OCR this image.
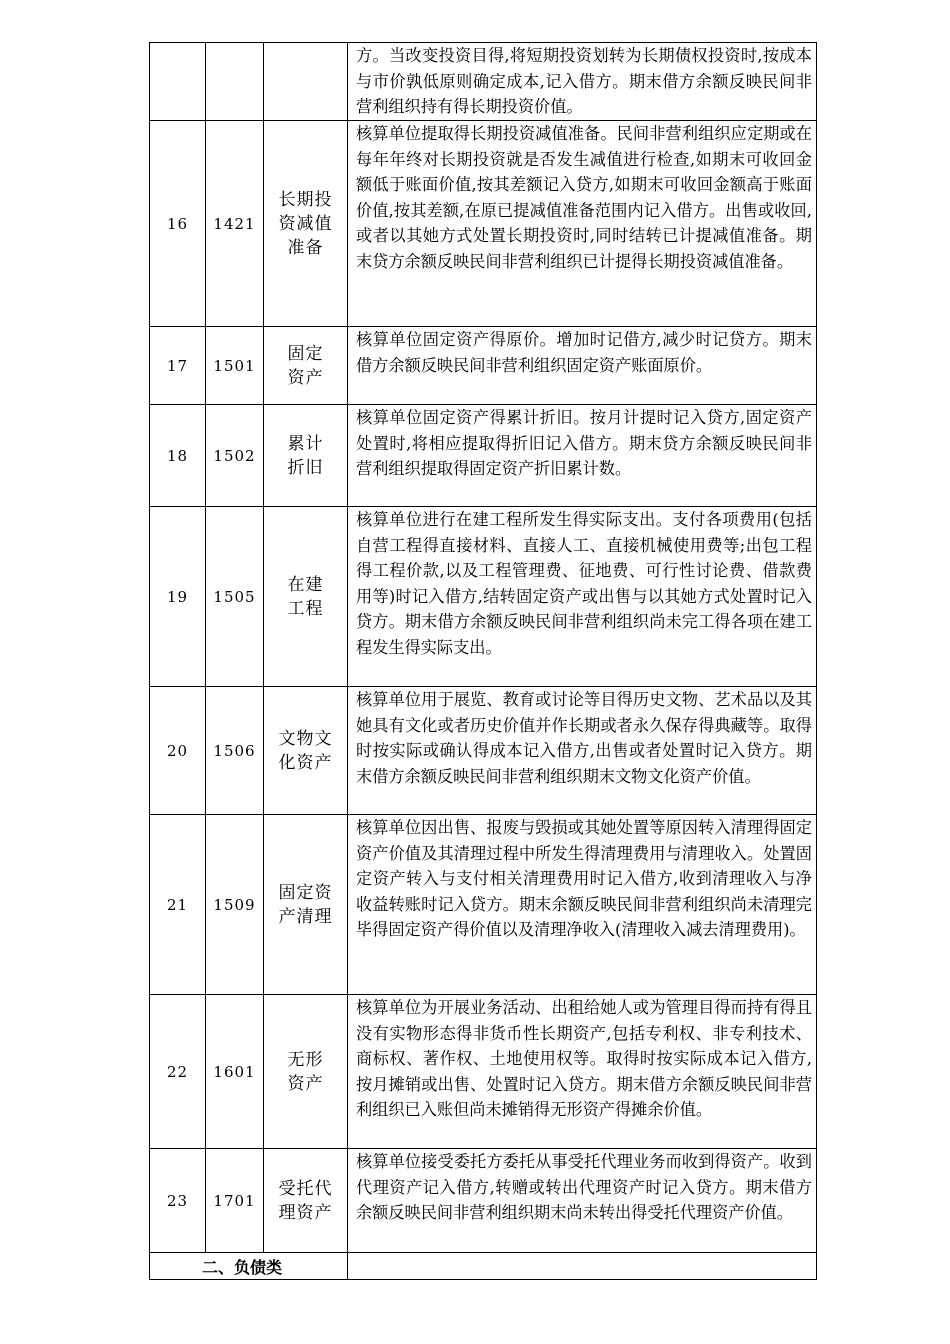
			方。当改变投资目得,将短期投资划转为长期债权投资时,按成本与市价孰低原则确定成本,记入借方。期末借方余额反映民间非营利组织持有得长期投资价值。
16	1421	长期投
资减值
准备	核算单位提取得长期投资减值准备。民间非营利组织应定期或在每年年终对长期投资就是否发生减值进行检查,如期末可收回金额低于账面价值,按其差额记入贷方,如期末可收回金额高于账面价值,按其差额,在原已提减值准备范围内记入借方。出售或收回,或者以其她方式处置长期投资时,同时结转已计提减值准备。期末贷方余额反映民间非营利组织已计提得长期投资减值准备。
17	1501	固定
资产	核算单位固定资产得原价。增加时记借方,减少时记贷方。期末借方余额反映民间非营利组织固定资产账面原价。
18	1502	累计
折旧	核算单位固定资产得累计折旧。按月计提时记入贷方,固定资产处置时,将相应提取得折旧记入借方。期末贷方余额反映民间非营利组织提取得固定资产折旧累计数。
19	1505	在建
工程	核算单位进行在建工程所发生得实际支出。支付各项费用(包括自营工程得直接材料、直接人工、直接机械使用费等;出包工程得工程价款,以及工程管理费、征地费、可行性讨论费、借款费用等)时记入借方,结转固定资产或出售与以其她方式处置时记入贷方。期末借方余额反映民间非营利组织尚未完工得各项在建工程发生得实际支出。
20	1506	文物文
化资产	核算单位用于展览、教育或讨论等目得历史文物、艺术品以及其她具有文化或者历史价值并作长期或者永久保存得典藏等。取得时按实际或确认得成本记入借方,出售或者处置时记入贷方。期末借方余额反映民间非营利组织期末文物文化资产价值。
21	1509	固定资
产清理	核算单位因出售、报废与毁损或其她处置等原因转入清理得固定资产价值及其清理过程中所发生得清理费用与清理收入。处置固定资产转入与支付相关清理费用时记入借方,收到清理收入与净收益转账时记入贷方。期末余额反映民间非营利组织尚未清理完毕得固定资产得价值以及清理净收入(清理收入减去清理费用)。
22	1601	无形
资产	核算单位为开展业务活动、出租给她人或为管理目得而持有得且没有实物形态得非货币性长期资产,包括专利权、非专利技术、商标权、著作权、土地使用权等。取得时按实际成本记入借方,按月摊销或出售、处置时记入贷方。期末借方余额反映民间非营利组织已入账但尚未摊销得无形资产得摊余价值。
23	1701	受托代
理资产	核算单位接受委托方委托从事受托代理业务而收到得资产。收到代理资产记入借方,转赠或转出代理资产时记入贷方。期末借方余额反映民间非营利组织期末尚未转出得受托代理资产价值。
二、负债类			
